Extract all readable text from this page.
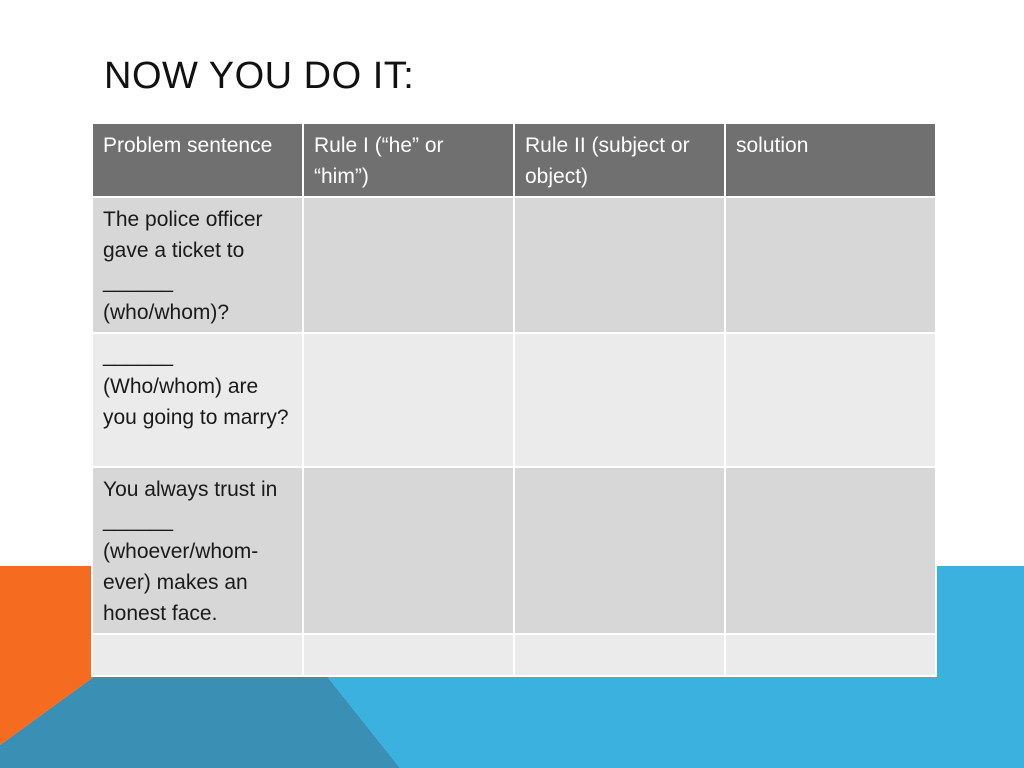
NOW YOU DO IT:
Problem sentence	Rule I (“he” or “him”)	Rule II (subject or object)	solution
The police officer gave a ticket to ______ (who/whom)?			
______ (Who/whom) are you going to marry?			
You always trust in ______ (whoever/whom-ever) makes an honest face.			
